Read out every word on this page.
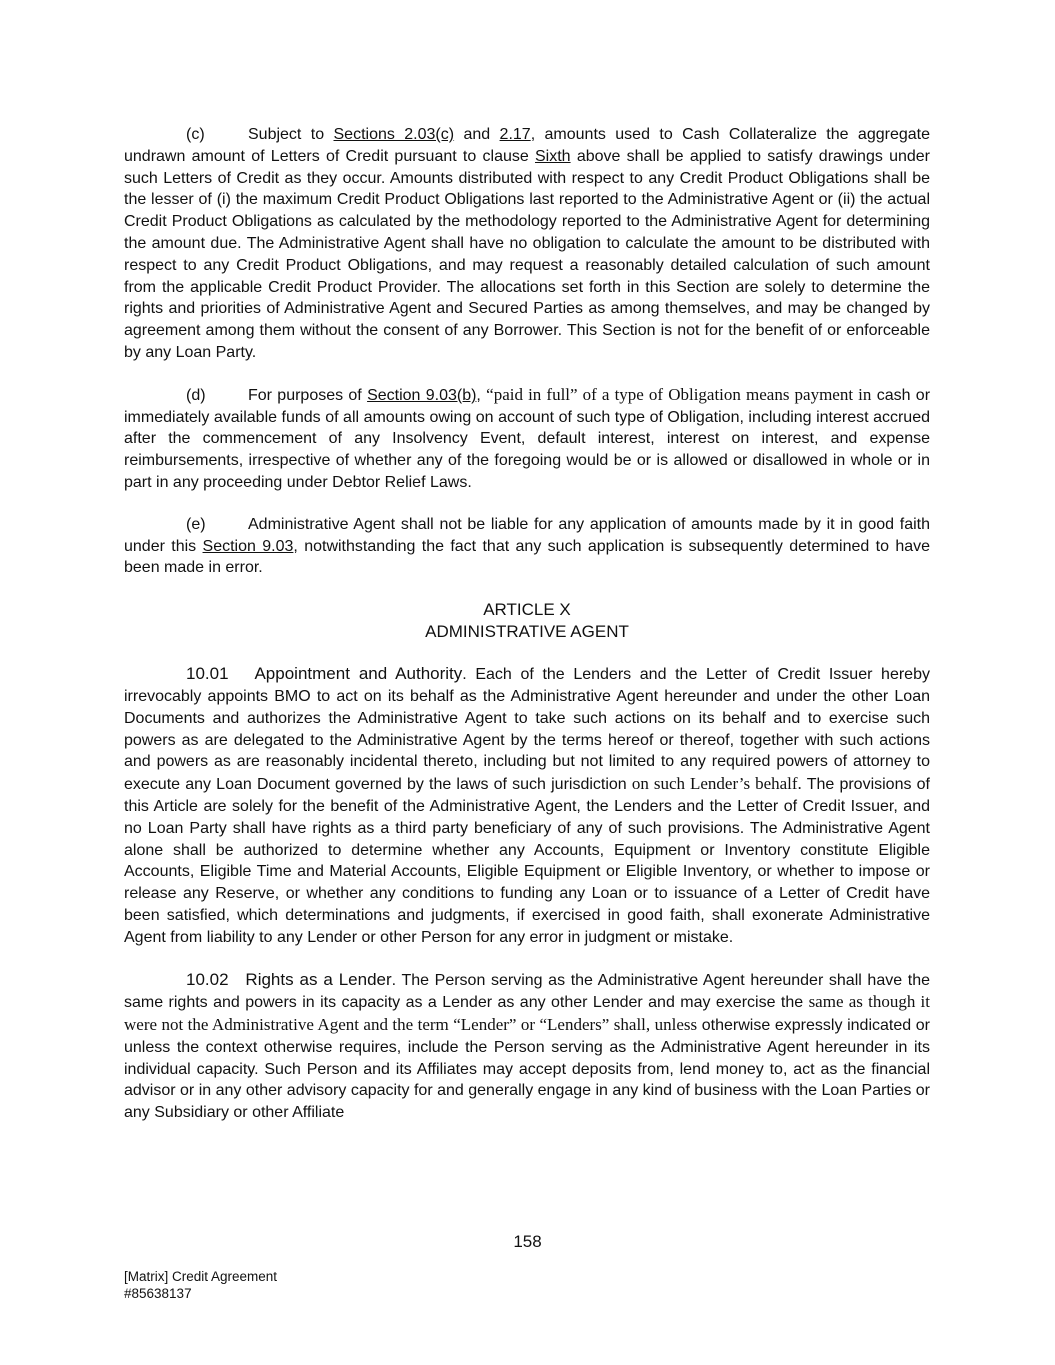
(c)	Subject to Sections 2.03(c) and 2.17, amounts used to Cash Collateralize the aggregate undrawn amount of Letters of Credit pursuant to clause Sixth above shall be applied to satisfy drawings under such Letters of Credit as they occur. Amounts distributed with respect to any Credit Product Obligations shall be the lesser of (i) the maximum Credit Product Obligations last reported to the Administrative Agent or (ii) the actual Credit Product Obligations as calculated by the methodology reported to the Administrative Agent for determining the amount due. The Administrative Agent shall have no obligation to calculate the amount to be distributed with respect to any Credit Product Obligations, and may request a reasonably detailed calculation of such amount from the applicable Credit Product Provider. The allocations set forth in this Section are solely to determine the rights and priorities of Administrative Agent and Secured Parties as among themselves, and may be changed by agreement among them without the consent of any Borrower. This Section is not for the benefit of or enforceable by any Loan Party.

(d)	For purposes of Section 9.03(b), “paid in full” of a type of Obligation means payment in cash or immediately available funds of all amounts owing on account of such type of Obligation, including interest accrued after the commencement of any Insolvency Event, default interest, interest on interest, and expense reimbursements, irrespective of whether any of the foregoing would be or is allowed or disallowed in whole or in part in any proceeding under Debtor Relief Laws.

(e)	Administrative Agent shall not be liable for any application of amounts made by it in good faith under this Section 9.03, notwithstanding the fact that any such application is subsequently determined to have been made in error.

ARTICLE X
ADMINISTRATIVE AGENT

10.01 Appointment and Authority. Each of the Lenders and the Letter of Credit Issuer hereby irrevocably appoints BMO to act on its behalf as the Administrative Agent hereunder and under the other Loan Documents and authorizes the Administrative Agent to take such actions on its behalf and to exercise such powers as are delegated to the Administrative Agent by the terms hereof or thereof, together with such actions and powers as are reasonably incidental thereto, including but not limited to any required powers of attorney to execute any Loan Document governed by the laws of such jurisdiction on such Lender’s behalf. The provisions of this Article are solely for the benefit of the Administrative Agent, the Lenders and the Letter of Credit Issuer, and no Loan Party shall have rights as a third party beneficiary of any of such provisions. The Administrative Agent alone shall be authorized to determine whether any Accounts, Equipment or Inventory constitute Eligible Accounts, Eligible Time and Material Accounts, Eligible Equipment or Eligible Inventory, or whether to impose or release any Reserve, or whether any conditions to funding any Loan or to issuance of a Letter of Credit have been satisfied, which determinations and judgments, if exercised in good faith, shall exonerate Administrative Agent from liability to any Lender or other Person for any error in judgment or mistake.

10.02 Rights as a Lender. The Person serving as the Administrative Agent hereunder shall have the same rights and powers in its capacity as a Lender as any other Lender and may exercise the same as though it were not the Administrative Agent and the term “Lender” or “Lenders” shall, unless otherwise expressly indicated or unless the context otherwise requires, include the Person serving as the Administrative Agent hereunder in its individual capacity. Such Person and its Affiliates may accept deposits from, lend money to, act as the financial advisor or in any other advisory capacity for and generally engage in any kind of business with the Loan Parties or any Subsidiary or other Affiliate

158
[Matrix] Credit Agreement
#85638137
